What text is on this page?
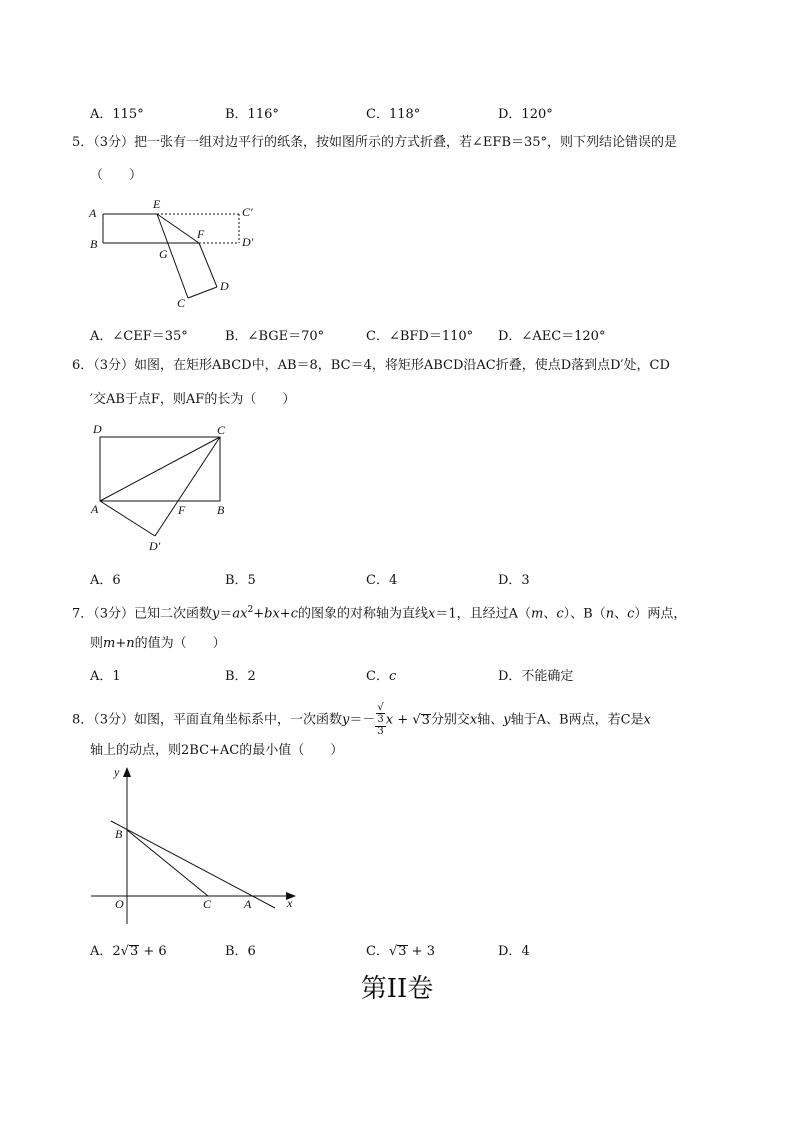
A．115°	B．116°	C．118°	D．120°
5．（3分）把一张有一组对边平行的纸条，按如图所示的方式折叠，若∠EFB＝35°，则下列结论错误的是
（　　）
A
E
C′
B
F
D′
G
D
C
A．∠CEF＝35°	B．∠BGE＝70°	C．∠BFD＝110° D．∠AEC＝120°
6．（3分）如图，在矩形ABCD中，AB＝8，BC＝4，将矩形ABCD沿AC折叠，使点D落到点D′处，CD
′交AB于点F，则AF的长为（　　）
D	C
A	F	B
D′
A．6	B．5	C．4	D．3
7．（3分）已知二次函数$y=ax^2+bx+c$的图象的对称轴为直线x＝1，且经过A（m、c）、B（n、c）两点，
则m+n的值为（　　）
A．1	B．2	C．c	D．不能确定
8．（3分）如图，平面直角坐标系中，一次函数y＝－ √
3
3 x + √3分别交x轴、y轴于A、B两点，若C是x
轴上的动点，则2BC+AC的最小值（　　）
y
B
O	C	A	x
A．2√3 + 6	B．6	C．√3 + 3	D．4
第II卷
